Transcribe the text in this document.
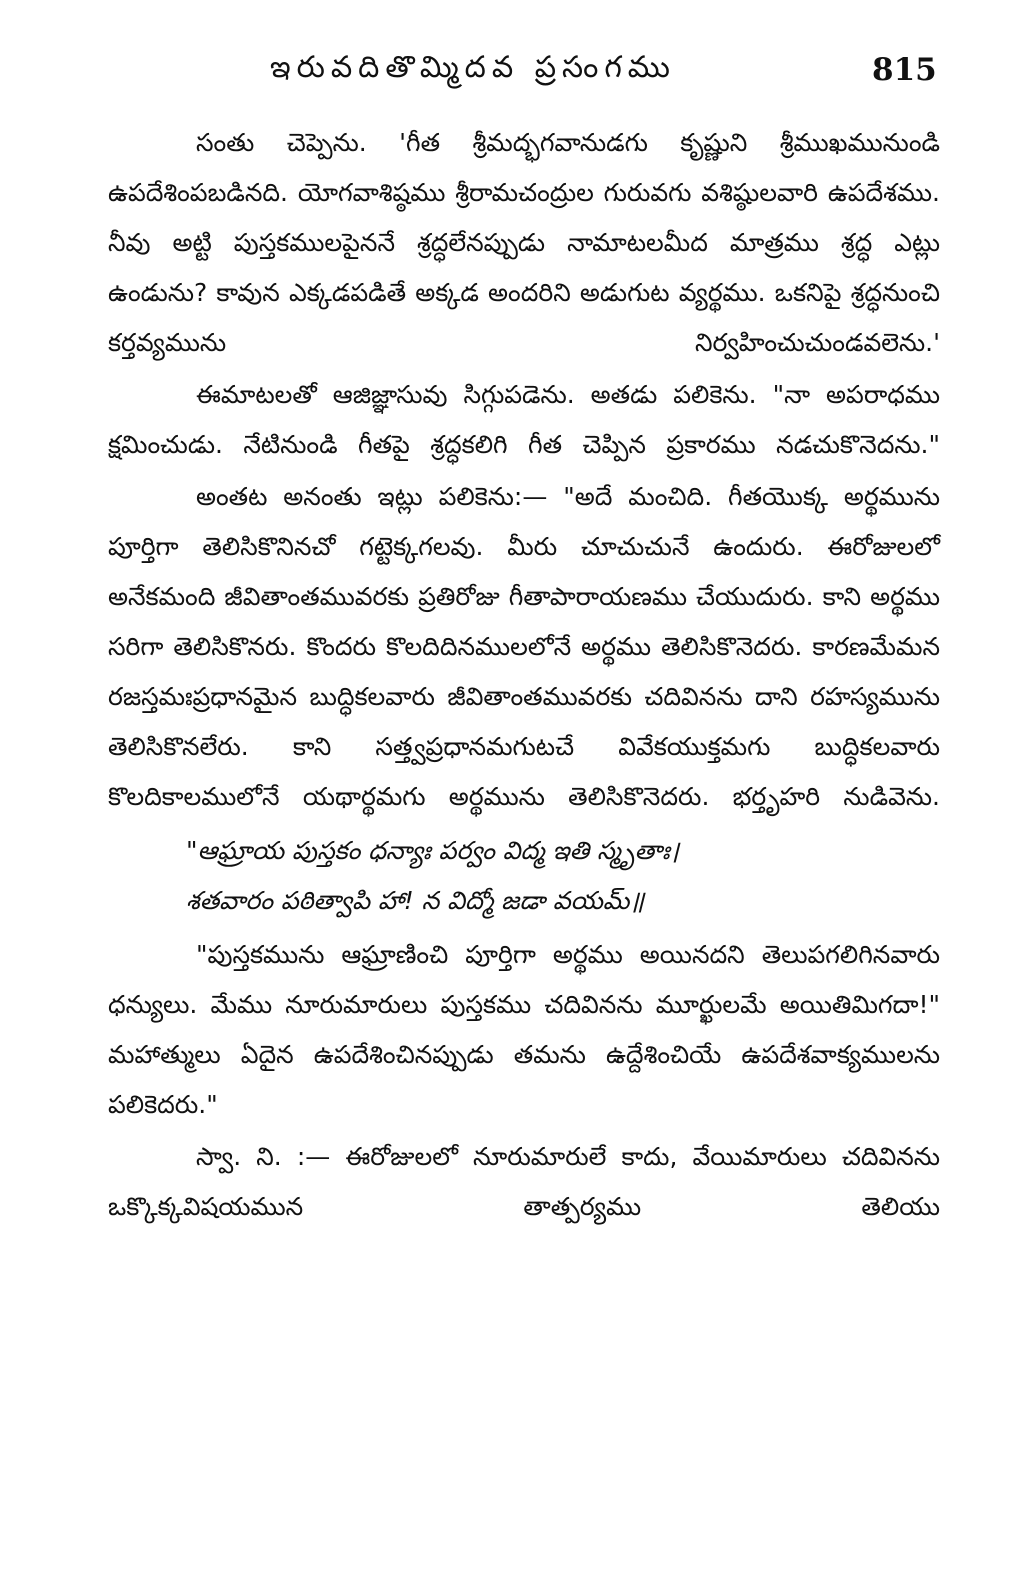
ఇరువదితొమ్మిదవ ప్రసంగము	815

సంతు చెప్పెను. 'గీత శ్రీమద్భగవానుడగు కృష్ణుని శ్రీముఖమునుండి ఉపదేశింపబడినది. యోగవాశిష్ఠము శ్రీరామచంద్రుల గురువగు వశిష్ఠులవారి ఉపదేశము. నీవు అట్టి పుస్తకములపైననే శ్రద్ధలేనప్పుడు నామాటలమీద మాత్రము శ్రద్ధ ఎట్లు ఉండును? కావున ఎక్కడపడితే అక్కడ అందరిని అడుగుట వ్యర్థము. ఒకనిపై శ్రద్ధనుంచి కర్తవ్యమును నిర్వహించుచుండవలెను.'

ఈమాటలతో ఆజిజ్ఞాసువు సిగ్గుపడెను. అతడు పలికెను. "నా అపరాధము క్షమించుడు. నేటినుండి గీతపై శ్రద్ధకలిగి గీత చెప్పిన ప్రకారము నడచుకొనెదను."

అంతట అనంతు ఇట్లు పలికెను:— "అదే మంచిది. గీతయొక్క అర్థమును పూర్తిగా తెలిసికొనినచో గట్టెక్కగలవు. మీరు చూచుచునే ఉందురు. ఈరోజులలో అనేకమంది జీవితాంతమువరకు ప్రతిరోజు గీతాపారాయణము చేయుదురు. కాని అర్థము సరిగా తెలిసికొనరు. కొందరు కొలదిదినములలోనే అర్థము తెలిసికొనెదరు. కారణమేమన రజస్తమఃప్రధానమైన బుద్ధికలవారు జీవితాంతమువరకు చదివినను దాని రహస్యమును తెలిసికొనలేరు. కాని సత్త్వప్రధానమగుటచే వివేకయుక్తమగు బుద్ధికలవారు కొలదికాలములోనే యథార్థమగు అర్థమును తెలిసికొనెదరు. భర్తృహరి నుడివెను.

"ఆఘ్రాయ పుస్తకం ధన్యాః పర్వం విద్మ ఇతి స్మృతాః।
శతవారం పఠిత్వాపి హా! న విద్మో జడా వయమ్॥

"పుస్తకమును ఆఘ్రాణించి పూర్తిగా అర్థము అయినదని తెలుపగలిగినవారు ధన్యులు. మేము నూరుమారులు పుస్తకము చదివినను మూర్ఖులమే అయితిమిగదా!" మహాత్ములు ఏదైన ఉపదేశించినప్పుడు తమను ఉద్దేశించియే ఉపదేశవాక్యములను పలికెదరు."

స్వా. ని. :— ఈరోజులలో నూరుమారులే కాదు, వేయిమారులు చదివినను ఒక్కొక్కవిషయమున తాత్పర్యము తెలియు
